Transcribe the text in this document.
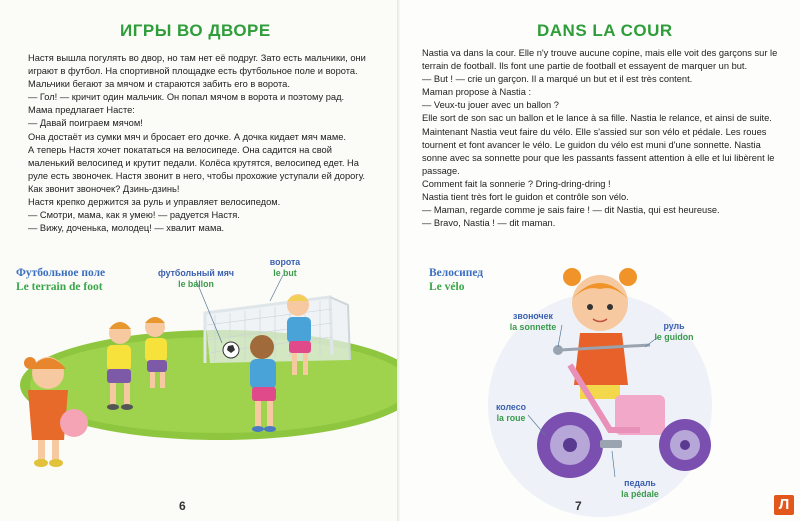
ИГРЫ ВО ДВОРЕ

Настя вышла погулять во двор, но там нет её подруг. Зато есть мальчики, они играют в футбол. На спортивной площадке есть футбольное поле и ворота. Мальчики бегают за мячом и стараются забить его в ворота.

— Гол! — кричит один мальчик. Он попал мячом в ворота и поэтому рад.

Мама предлагает Насте:

— Давай поиграем мячом!

Она достаёт из сумки мяч и бросает его дочке. А дочка кидает мяч маме.

А теперь Настя хочет покататься на велосипеде. Она садится на свой маленький велосипед и крутит педали. Колёса крутятся, велосипед едет. На руле есть звоночек. Настя звонит в него, чтобы прохожие уступали ей дорогу.

Как звонит звоночек? Дзинь-дзинь!

Настя крепко держится за руль и управляет велосипедом.

— Смотри, мама, как я умею! — радуется Настя.

— Вижу, доченька, молодец! — хвалит мама.

Футбольное поле
Le terrain de foot
футбольный мяч
le ballon
ворота
le but
6
DANS LA COUR

Nastia va dans la cour. Elle n'y trouve aucune copine, mais elle voit des garçons sur le terrain de football. Ils font une partie de football et essayent de marquer un but.

— But ! — crie un garçon. Il a marqué un but et il est très content.

Maman propose à Nastia :

— Veux-tu jouer avec un ballon ?

Elle sort de son sac un ballon et le lance à sa fille. Nastia le relance, et ainsi de suite.

Maintenant Nastia veut faire du vélo. Elle s'assied sur son vélo et pédale. Les roues tournent et font avancer le vélo. Le guidon du vélo est muni d'une sonnette. Nastia sonne avec sa sonnette pour que les passants fassent attention à elle et lui libèrent le passage.

Comment fait la sonnerie ? Dring-dring-dring !

Nastia tient très fort le guidon et contrôle son vélo.

— Maman, regarde comme je sais faire ! — dit Nastia, qui est heureuse.

— Bravo, Nastia ! — dit maman.

Велосипед
Le vélo
звоночек
la sonnette	руль
le guidon
колесо
la roue
педаль
la pédale
7	Л
